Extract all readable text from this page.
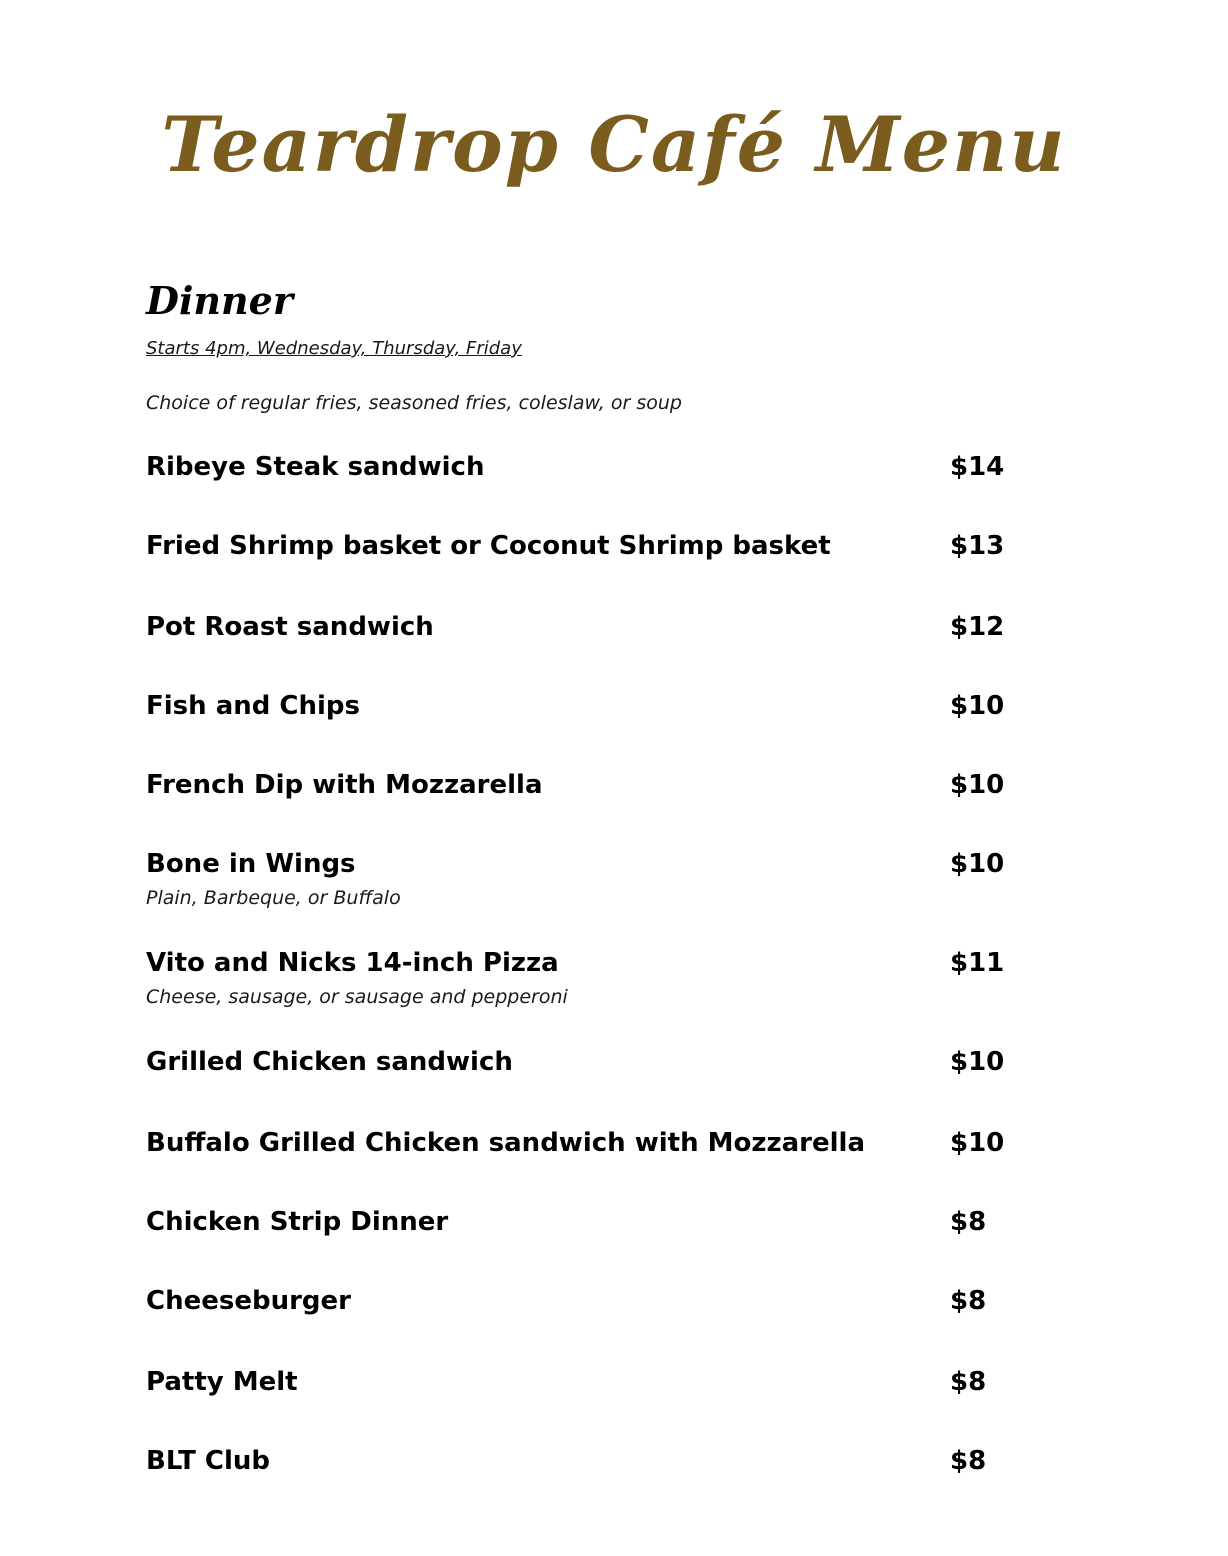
Teardrop Café Menu
Dinner

Starts 4pm, Wednesday, Thursday, Friday

Choice of regular fries, seasoned fries, coleslaw, or soup

Ribeye Steak sandwich	$14
Fried Shrimp basket or Coconut Shrimp basket	$13
Pot Roast sandwich	$12
Fish and Chips	$10
French Dip with Mozzarella	$10
Bone in Wings	$10
Plain, Barbeque, or Buffalo
Vito and Nicks 14-inch Pizza	$11
Cheese, sausage, or sausage and pepperoni
Grilled Chicken sandwich	$10
Buffalo Grilled Chicken sandwich with Mozzarella	$10
Chicken Strip Dinner	$8
Cheeseburger	$8
Patty Melt	$8
BLT Club	$8
